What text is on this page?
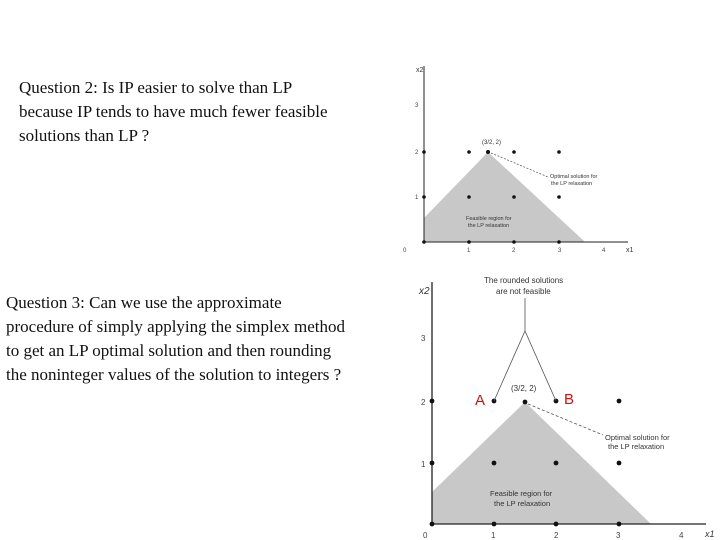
Question 2: Is IP easier to solve than LP
because IP tends to have much fewer feasible
solutions than LP ?

Question 3: Can we use the approximate
procedure of simply applying the simplex method
to get an LP optimal solution and then rounding
the noninteger values of the solution to integers ?

x2
x1
0	1	2	3	4
1
2
3
(3/2, 2)
Optimal solution for
the LP relaxation
Feasible region for
the LP relaxation
x2
x1
0	1	2	3	4
1
2
3
(3/2, 2)
The rounded solutions
are not feasible
Optimal solution for
the LP relaxation
Feasible region for
the LP relaxation
A	B
